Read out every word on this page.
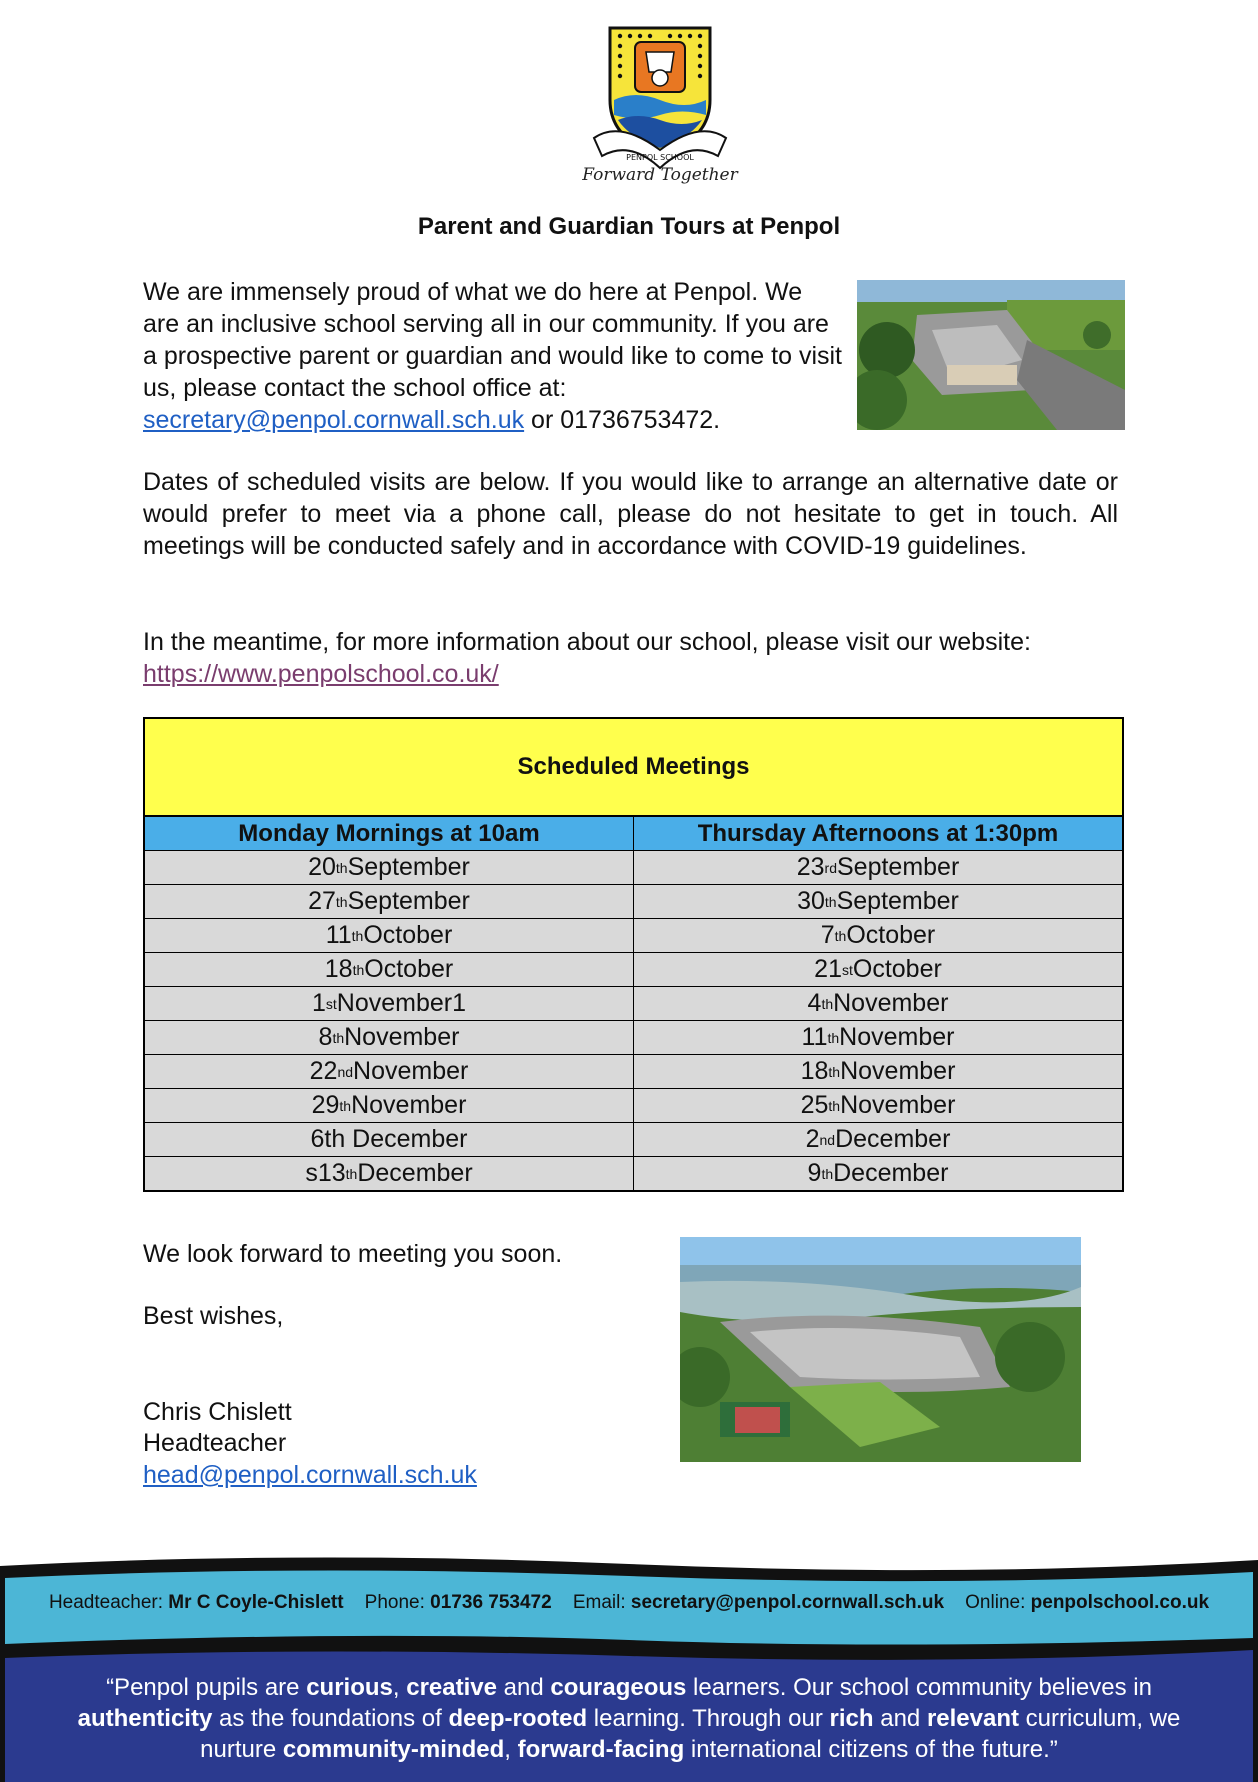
PENPOL SCHOOL
Forward Together
Parent and Guardian Tours at Penpol
We are immensely proud of what we do here at Penpol. We are an inclusive school serving all in our community. If you are a prospective parent or guardian and would like to come to visit us, please contact the school office at: secretary@penpol.cornwall.sch.uk or 01736753472.
Dates of scheduled visits are below. If you would like to arrange an alternative date or would prefer to meet via a phone call, please do not hesitate to get in touch. All meetings will be conducted safely and in accordance with COVID-19 guidelines.
In the meantime, for more information about our school, please visit our website:
https://www.penpolschool.co.uk/
Scheduled Meetings
Monday Mornings at 10am	Thursday Afternoons at 1:30pm
20 th September	23 rd September
27 th September	30 th September
11 th October	7 th October
18 th October	21 st October
1 st November1	4 th November
8 th November	11 th November
22 nd November	18 th November
29 th November	25 th November
6th December	2 nd December
s13 th December	9 th December
We look forward to meeting you soon.
Best wishes,
Chris Chislett
Headteacher
head@penpol.cornwall.sch.uk
Headteacher: Mr C Coyle-Chislett Phone: 01736 753472 Email: secretary@penpol.cornwall.sch.uk Online: penpolschool.co.uk
“Penpol pupils are curious, creative and courageous learners. Our school community believes in authenticity as the foundations of deep-rooted learning. Through our rich and relevant curriculum, we nurture community-minded, forward-facing international citizens of the future.”
